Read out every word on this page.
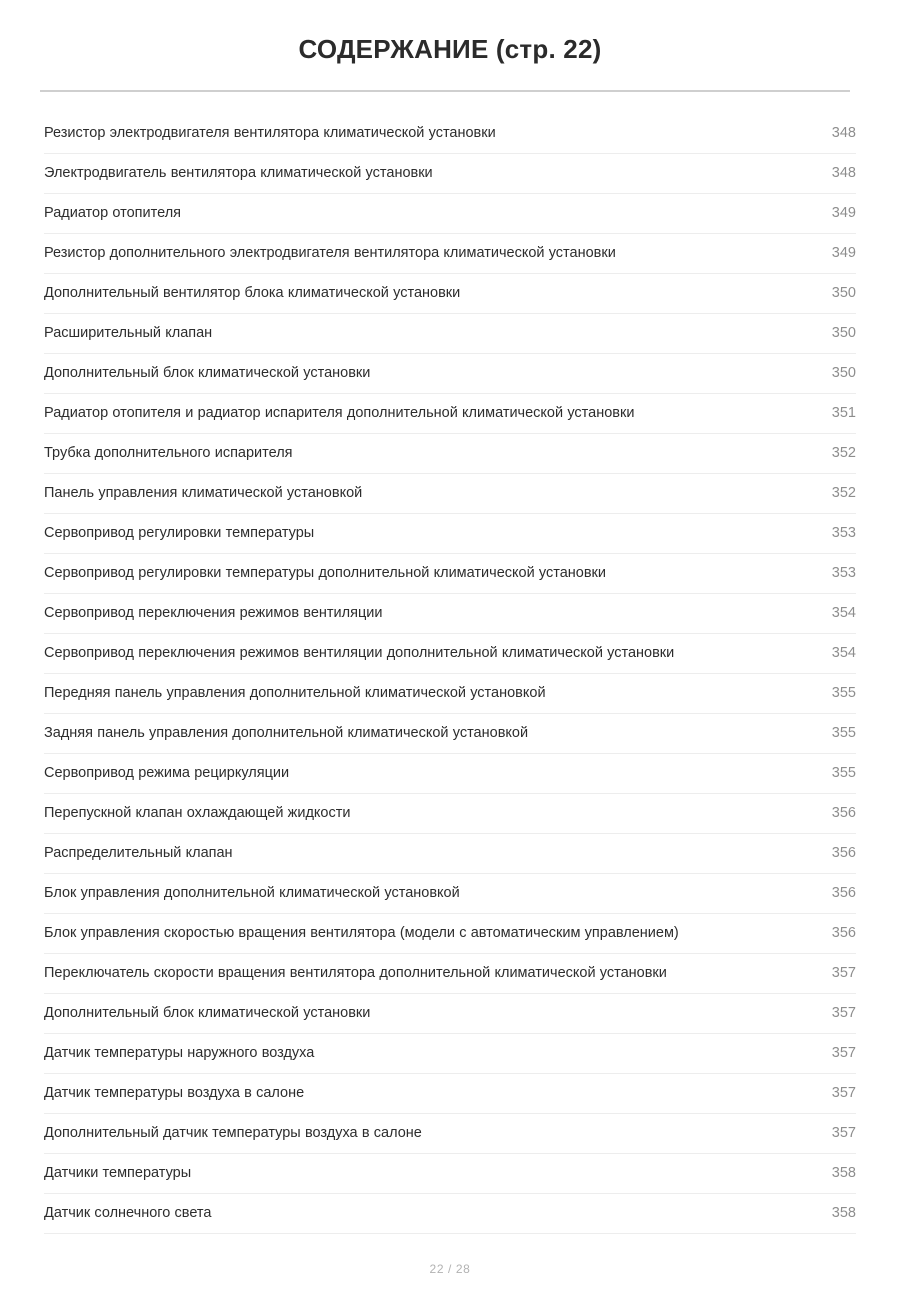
СОДЕРЖАНИЕ (стр. 22)
Резистор электродвигателя вентилятора климатической установки	348
Электродвигатель вентилятора климатической установки	348
Радиатор отопителя	349
Резистор дополнительного электродвигателя вентилятора климатической установки	349
Дополнительный вентилятор блока климатической установки	350
Расширительный клапан	350
Дополнительный блок климатической установки	350
Радиатор отопителя и радиатор испарителя дополнительной климатической установки	351
Трубка дополнительного испарителя	352
Панель управления климатической установкой	352
Сервопривод регулировки температуры	353
Сервопривод регулировки температуры дополнительной климатической установки	353
Сервопривод переключения режимов вентиляции	354
Сервопривод переключения режимов вентиляции дополнительной климатической установки	354
Передняя панель управления дополнительной климатической установкой	355
Задняя панель управления дополнительной климатической установкой	355
Сервопривод режима рециркуляции	355
Перепускной клапан охлаждающей жидкости	356
Распределительный клапан	356
Блок управления дополнительной климатической установкой	356
Блок управления скоростью вращения вентилятора (модели с автоматическим управлением)	356
Переключатель скорости вращения вентилятора дополнительной климатической установки	357
Дополнительный блок климатической установки	357
Датчик температуры наружного воздуха	357
Датчик температуры воздуха в салоне	357
Дополнительный датчик температуры воздуха в салоне	357
Датчики температуры	358
Датчик солнечного света	358
22 / 28
